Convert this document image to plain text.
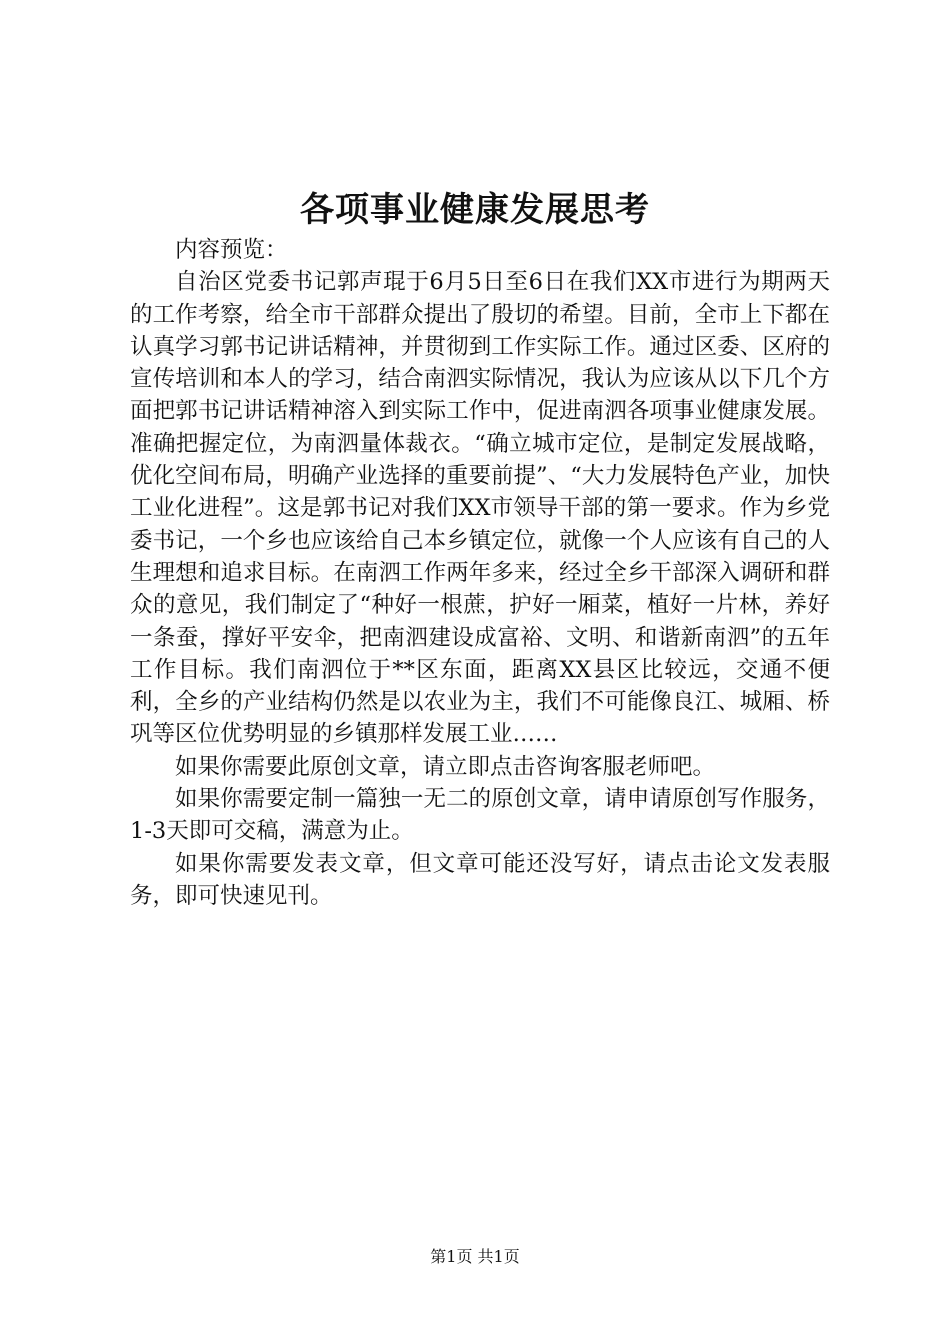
各项事业健康发展思考

内容预览：

自治区党委书记郭声琨于6月5日至6日在我们XX市进行为期两天的工作考察，给全市干部群众提出了殷切的希望。目前，全市上下都在认真学习郭书记讲话精神，并贯彻到工作实际工作。通过区委、区府的宣传培训和本人的学习，结合南泗实际情况，我认为应该从以下几个方面把郭书记讲话精神溶入到实际工作中，促进南泗各项事业健康发展。准确把握定位，为南泗量体裁衣。“确立城市定位，是制定发展战略，优化空间布局，明确产业选择的重要前提”、“大力发展特色产业，加快工业化进程”。这是郭书记对我们XX市领导干部的第一要求。作为乡党委书记，一个乡也应该给自己本乡镇定位，就像一个人应该有自己的人生理想和追求目标。在南泗工作两年多来，经过全乡干部深入调研和群众的意见，我们制定了“种好一根蔗，护好一厢菜，植好一片林，养好一条蚕，撑好平安伞，把南泗建设成富裕、文明、和谐新南泗”的五年工作目标。我们南泗位于**区东面，距离XX县区比较远，交通不便利，全乡的产业结构仍然是以农业为主，我们不可能像良江、城厢、桥巩等区位优势明显的乡镇那样发展工业……

如果你需要此原创文章，请立即点击咨询客服老师吧。

如果你需要定制一篇独一无二的原创文章，请申请原创写作服务，1-3天即可交稿，满意为止。

如果你需要发表文章，但文章可能还没写好，请点击论文发表服务，即可快速见刊。

第1页 共1页
